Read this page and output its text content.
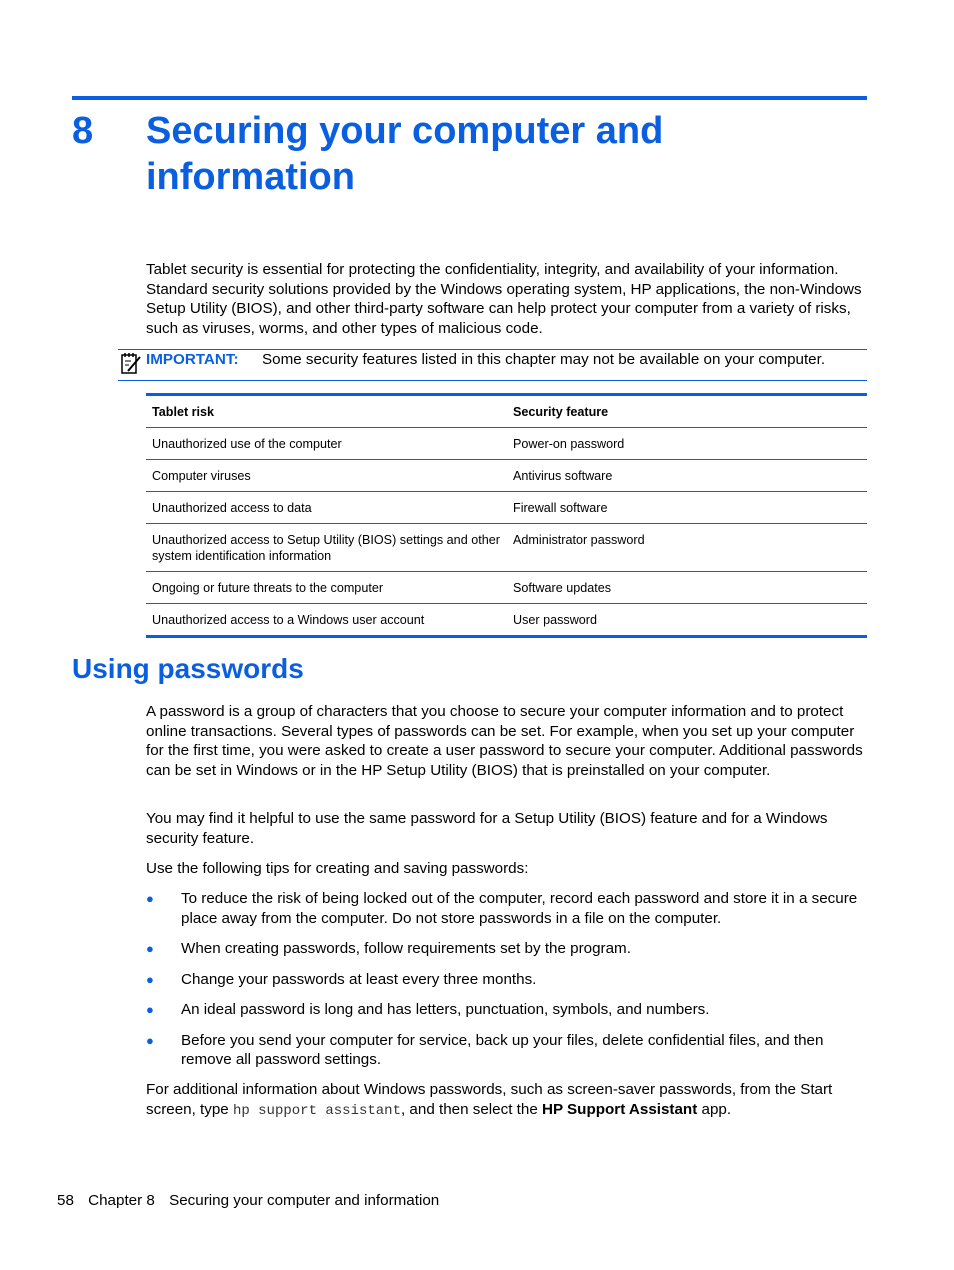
8 Securing your computer and information

Tablet security is essential for protecting the confidentiality, integrity, and availability of your information. Standard security solutions provided by the Windows operating system, HP applications, the non-Windows Setup Utility (BIOS), and other third-party software can help protect your computer from a variety of risks, such as viruses, worms, and other types of malicious code.

IMPORTANT: Some security features listed in this chapter may not be available on your computer.
Tablet risk	Security feature
Unauthorized use of the computer	Power-on password
Computer viruses	Antivirus software
Unauthorized access to data	Firewall software
Unauthorized access to Setup Utility (BIOS) settings and other system identification information	Administrator password
Ongoing or future threats to the computer	Software updates
Unauthorized access to a Windows user account	User password
Using passwords

A password is a group of characters that you choose to secure your computer information and to protect online transactions. Several types of passwords can be set. For example, when you set up your computer for the first time, you were asked to create a user password to secure your computer. Additional passwords can be set in Windows or in the HP Setup Utility (BIOS) that is preinstalled on your computer.

You may find it helpful to use the same password for a Setup Utility (BIOS) feature and for a Windows security feature.

Use the following tips for creating and saving passwords:

● To reduce the risk of being locked out of the computer, record each password and store it in a secure place away from the computer. Do not store passwords in a file on the computer.
● When creating passwords, follow requirements set by the program.
● Change your passwords at least every three months.
● An ideal password is long and has letters, punctuation, symbols, and numbers.
● Before you send your computer for service, back up your files, delete confidential files, and then remove all password settings.

For additional information about Windows passwords, such as screen-saver passwords, from the Start screen, type hp support assistant, and then select the HP Support Assistant app.

58 Chapter 8 Securing your computer and information
